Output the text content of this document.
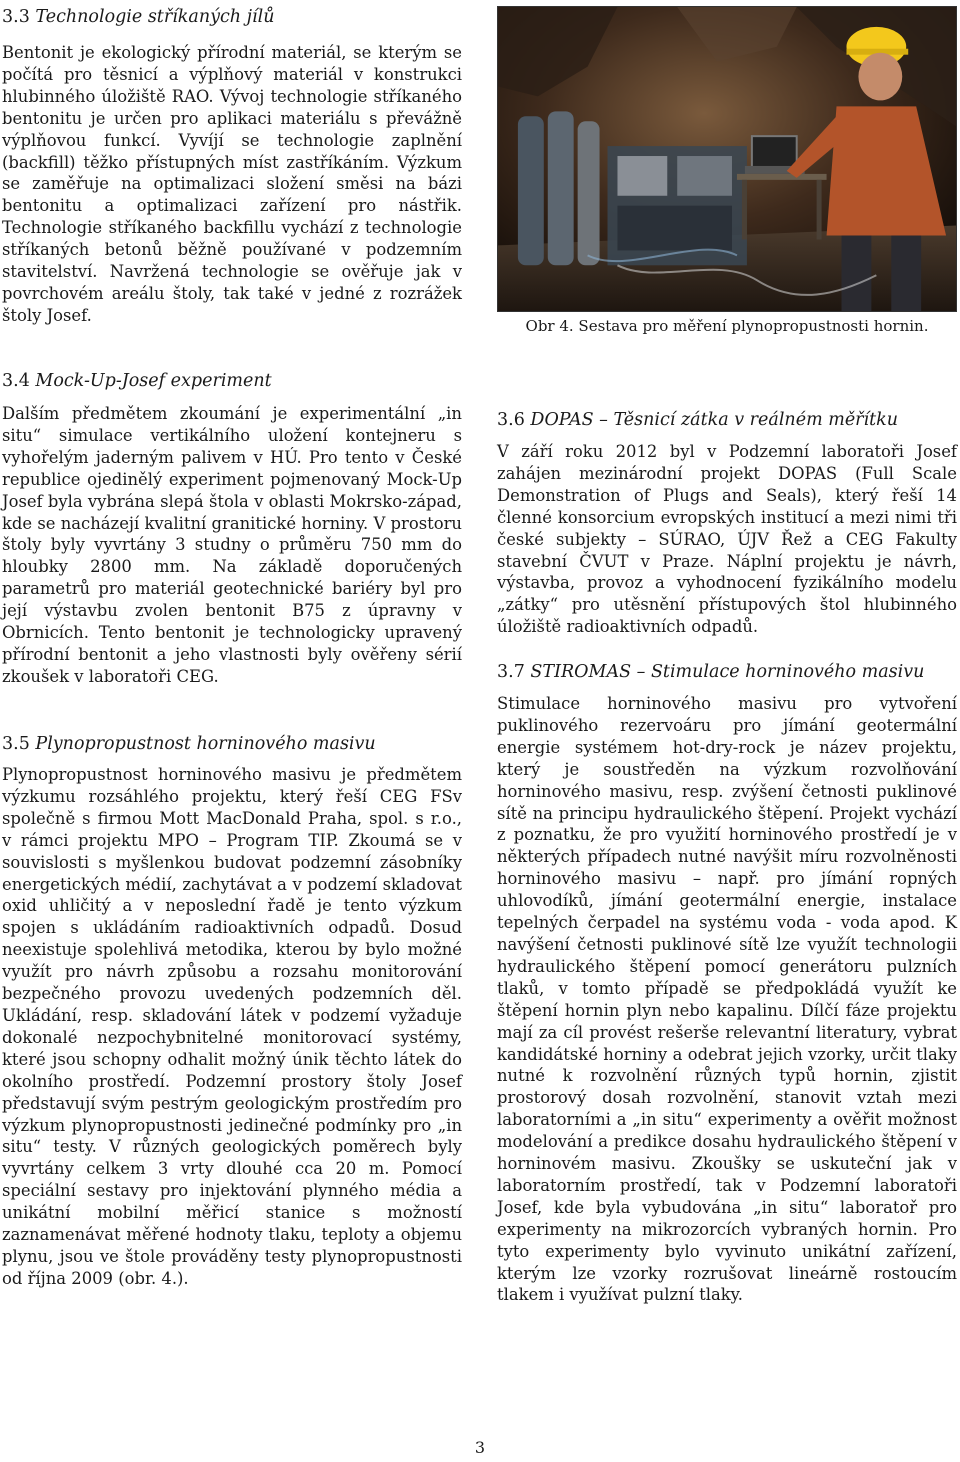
3.3 Technologie stříkaných jílů

Bentonit je ekologický přírodní materiál, se kterým se počítá pro těsnicí a výplňový materiál v konstrukci hlubinného úložiště RAO. Vývoj technologie stříkaného bentonitu je určen pro aplikaci materiálu s převážně výplňovou funkcí. Vyvíjí se technologie zaplnění (backfill) těžko přístupných míst zastříkáním. Výzkum se zaměřuje na optimalizaci složení směsi na bázi bentonitu a optimalizaci zařízení pro nástřik. Technologie stříkaného backfillu vychází z technologie stříkaných betonů běžně používané v podzemním stavitelství. Navržená technologie se ověřuje jak v povrchovém areálu štoly, tak také v jedné z rozrážek štoly Josef.

3.4 Mock-Up-Josef experiment

Dalším předmětem zkoumání je experimentální „in situ“ simulace vertikálního uložení kontejneru s vyhořelým jaderným palivem v HÚ. Pro tento v České republice ojedinělý experiment pojmenovaný Mock-Up Josef byla vybrána slepá štola v oblasti Mokrsko-západ, kde se nacházejí kvalitní granitické horniny. V prostoru štoly byly vyvrtány 3 studny o průměru 750 mm do hloubky 2800 mm. Na základě doporučených parametrů pro materiál geotechnické bariéry byl pro její výstavbu zvolen bentonit B75 z úpravny v Obrnicích. Tento bentonit je technologicky upravený přírodní bentonit a jeho vlastnosti byly ověřeny sérií zkoušek v laboratoři CEG.

3.5 Plynopropustnost horninového masivu

Plynopropustnost horninového masivu je předmětem výzkumu rozsáhlého projektu, který řeší CEG FSv společně s firmou Mott MacDonald Praha, spol. s r.o., v rámci projektu MPO – Program TIP. Zkoumá se v souvislosti s myšlenkou budovat podzemní zásobníky energetických médií, zachytávat a v podzemí skladovat oxid uhličitý a v neposlední řadě je tento výzkum spojen s ukládáním radioaktivních odpadů. Dosud neexistuje spolehlivá metodika, kterou by bylo možné využít pro návrh způsobu a rozsahu monitorování bezpečného provozu uvedených podzemních děl. Ukládání, resp. skladování látek v podzemí vyžaduje dokonalé nezpochybnitelné monitorovací systémy, které jsou schopny odhalit možný únik těchto látek do okolního prostředí. Podzemní prostory štoly Josef představují svým pestrým geologickým prostředím pro výzkum plynopropustnosti jedinečné podmínky pro „in situ“ testy. V různých geologických poměrech byly vyvrtány celkem 3 vrty dlouhé cca 20 m. Pomocí speciální sestavy pro injektování plynného média a unikátní mobilní měřicí stanice s možností zaznamenávat měřené hodnoty tlaku, teploty a objemu plynu, jsou ve štole prováděny testy plynopropustnosti od října 2009 (obr. 4.).

Obr 4. Sestava pro měření plynopropustnosti hornin.

3.6 DOPAS – Těsnicí zátka v reálném měřítku

V září roku 2012 byl v Podzemní laboratoři Josef zahájen mezinárodní projekt DOPAS (Full Scale Demonstration of Plugs and Seals), který řeší 14 členné konsorcium evropských institucí a mezi nimi tři české subjekty – SÚRAO, ÚJV Řež a CEG Fakulty stavební ČVUT v Praze. Náplní projektu je návrh, výstavba, provoz a vyhodnocení fyzikálního modelu „zátky“ pro utěsnění přístupových štol hlubinného úložiště radioaktivních odpadů.

3.7 STIROMAS – Stimulace horninového masivu

Stimulace horninového masivu pro vytvoření puklinového rezervoáru pro jímání geotermální energie systémem hot-dry-rock je název projektu, který je soustředěn na výzkum rozvolňování horninového masivu, resp. zvýšení četnosti puklinové sítě na principu hydraulického štěpení. Projekt vychází z poznatku, že pro využití horninového prostředí je v některých případech nutné navýšit míru rozvolněnosti horninového masivu – např. pro jímání ropných uhlovodíků, jímání geotermální energie, instalace tepelných čerpadel na systému voda - voda apod. K navýšení četnosti puklinové sítě lze využít technologii hydraulického štěpení pomocí generátoru pulzních tlaků, v tomto případě se předpokládá využít ke štěpení hornin plyn nebo kapalinu. Dílčí fáze projektu mají za cíl provést rešerše relevantní literatury, vybrat kandidátské horniny a odebrat jejich vzorky, určit tlaky nutné k rozvolnění různých typů hornin, zjistit prostorový dosah rozvolnění, stanovit vztah mezi laboratorními a „in situ“ experimenty a ověřit možnost modelování a predikce dosahu hydraulického štěpení v horninovém masivu. Zkoušky se uskuteční jak v laboratorním prostředí, tak v Podzemní laboratoři Josef, kde byla vybudována „in situ“ laboratoř pro experimenty na mikrozorcích vybraných hornin. Pro tyto experimenty bylo vyvinuto unikátní zařízení, kterým lze vzorky rozrušovat lineárně rostoucím tlakem i využívat pulzní tlaky.

3
